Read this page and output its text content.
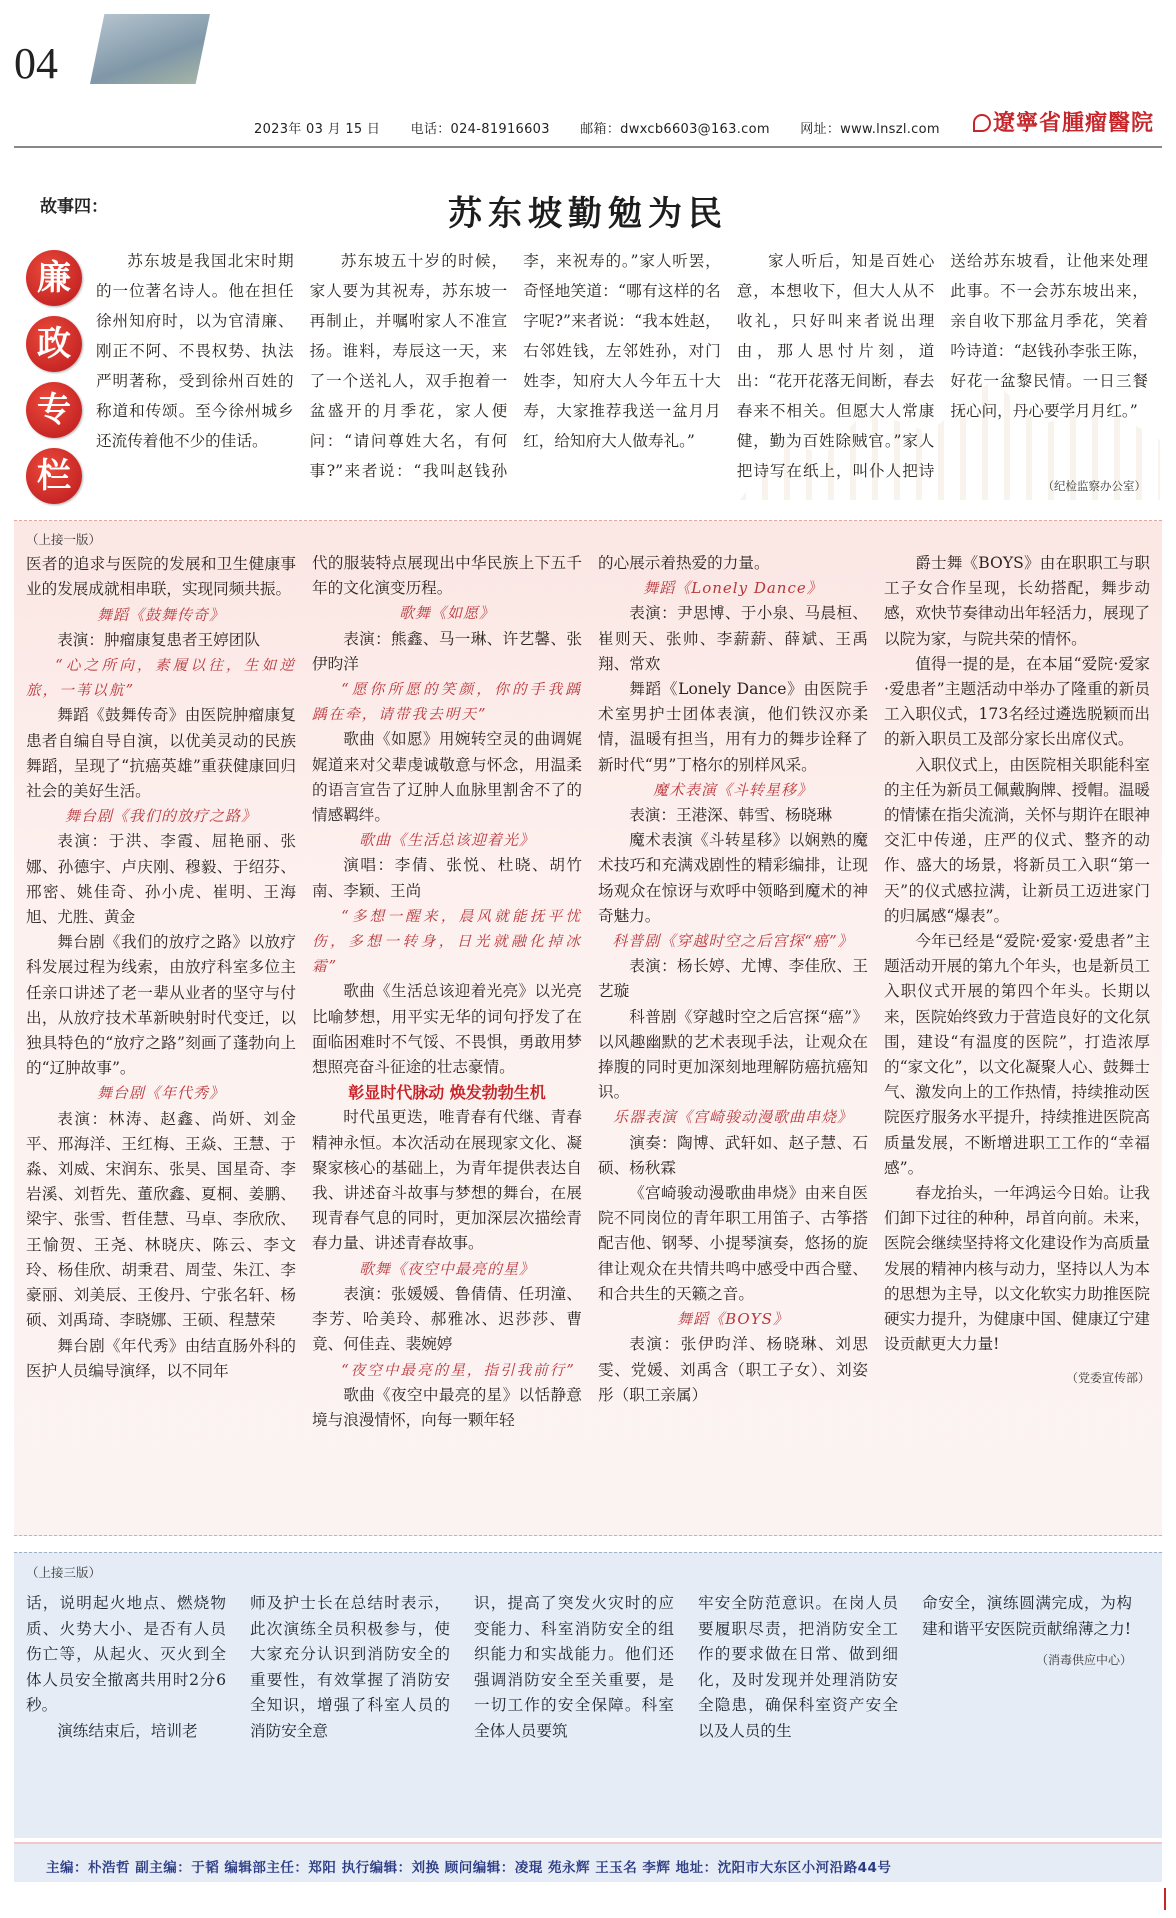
04
2023年 03 月 15 日 电话：024-81916603 邮箱：dwxcb6603@163.com 网址：www.lnszl.com	遼寧省腫瘤醫院
故事四：	苏东坡勤勉为民
廉
政
专
栏

苏东坡是我国北宋时期的一位著名诗人。他在担任徐州知府时，以为官清廉、刚正不阿、不畏权势、执法严明著称，受到徐州百姓的称道和传颂。至今徐州城乡还流传着他不少的佳话。

苏东坡五十岁的时候，家人要为其祝寿，苏东坡一再制止，并嘱咐家人不准宣扬。谁料，寿辰这一天，来了一个送礼人，双手抱着一盆盛开的月季花，家人便问：“请问尊姓大名，有何事?”来者说：“我叫赵钱孙李，来祝寿的。”家人听罢，奇怪地笑道：“哪有这样的名字呢?”来者说：“我本姓赵，右邻姓钱，左邻姓孙，对门姓李，知府大人今年五十大寿，大家推荐我送一盆月月红，给知府大人做寿礼。”

家人听后，知是百姓心意，本想收下，但大人从不收礼，只好叫来者说出理由，那人思忖片刻，道出：“花开花落无间断，春去春来不相关。但愿大人常康健，勤为百姓除贼官。”家人把诗写在纸上，叫仆人把诗送给苏东坡看，让他来处理此事。不一会苏东坡出来，亲自收下那盆月季花，笑着吟诗道：“赵钱孙李张王陈，好花一盆黎民情。一日三餐抚心问，丹心要学月月红。”

（纪检监察办公室）

（上接一版）

医者的追求与医院的发展和卫生健康事业的发展成就相串联，实现同频共振。

舞蹈《鼓舞传奇》

表演：肿瘤康复患者王婷团队

“心之所向，素履以往，生如逆旅，一苇以航”

舞蹈《鼓舞传奇》由医院肿瘤康复患者自编自导自演，以优美灵动的民族舞蹈，呈现了“抗癌英雄”重获健康回归社会的美好生活。

舞台剧《我们的放疗之路》

表演：于洪、李霞、屈艳丽、张娜、孙德宇、卢庆刚、穆毅、于绍芬、邢密、姚佳奇、孙小虎、崔明、王海旭、尤胜、黄金

舞台剧《我们的放疗之路》以放疗科发展过程为线索，由放疗科室多位主任亲口讲述了老一辈从业者的坚守与付出，从放疗技术革新映射时代变迁，以独具特色的“放疗之路”刻画了蓬勃向上的“辽肿故事”。

舞台剧《年代秀》

表演：林涛、赵鑫、尚妍、刘金平、邢海洋、王红梅、王焱、王慧、于淼、刘威、宋润东、张昊、国星奇、李岩溪、刘哲先、董欣鑫、夏桐、姜鹏、梁宇、张雪、哲佳慧、马卓、李欣欣、王愉贺、王尧、林晓庆、陈云、李文玲、杨佳欣、胡秉君、周莹、朱江、李豪丽、刘美辰、王俊丹、宁张名轩、杨硕、刘禹琦、李晓娜、王硕、程慧荣

舞台剧《年代秀》由结直肠外科的医护人员编导演绎，以不同年

代的服装特点展现出中华民族上下五千年的文化演变历程。

歌舞《如愿》

表演：熊鑫、马一琳、许艺馨、张伊昀洋

“愿你所愿的笑颜，你的手我踽踽在牵，请带我去明天”

歌曲《如愿》用婉转空灵的曲调娓娓道来对父辈虔诚敬意与怀念，用温柔的语言宣告了辽肿人血脉里割舍不了的情感羁绊。

歌曲《生活总该迎着光》

演唱：李倩、张悦、杜晓、胡竹南、李颖、王尚

“多想一醒来，晨风就能抚平忧伤，多想一转身，日光就融化掉冰霜”

歌曲《生活总该迎着光亮》以光亮比喻梦想，用平实无华的词句抒发了在面临困难时不气馁、不畏惧，勇敢用梦想照亮奋斗征途的壮志豪情。

彰显时代脉动 焕发勃勃生机

时代虽更迭，唯青春有代继、青春精神永恒。本次活动在展现家文化、凝聚家核心的基础上，为青年提供表达自我、讲述奋斗故事与梦想的舞台，在展现青春气息的同时，更加深层次描绘青春力量、讲述青春故事。

歌舞《夜空中最亮的星》

表演：张媛媛、鲁倩倩、任玥潼、李芳、哈美玲、郝雅冰、迟莎莎、曹竟、何佳垚、裴婉婷

“夜空中最亮的星，指引我前行”

歌曲《夜空中最亮的星》以恬静意境与浪漫情怀，向每一颗年轻

的心展示着热爱的力量。

舞蹈《Lonely Dance》

表演：尹思博、于小泉、马晨桓、崔则天、张帅、李薪薪、薛斌、王禹翔、常欢

舞蹈《Lonely Dance》由医院手术室男护士团体表演，他们铁汉亦柔情，温暖有担当，用有力的舞步诠释了新时代“男”丁格尔的别样风采。

魔术表演《斗转星移》

表演：王港深、韩雪、杨晓琳

魔术表演《斗转星移》以娴熟的魔术技巧和充满戏剧性的精彩编排，让现场观众在惊讶与欢呼中领略到魔术的神奇魅力。

科普剧《穿越时空之后宫探“癌”》

表演：杨长婷、尤博、李佳欣、王艺璇

科普剧《穿越时空之后宫探“癌”》以风趣幽默的艺术表现手法，让观众在捧腹的同时更加深刻地理解防癌抗癌知识。

乐器表演《宫崎骏动漫歌曲串烧》

演奏：陶博、武轩如、赵子慧、石硕、杨秋霖

《宫崎骏动漫歌曲串烧》由来自医院不同岗位的青年职工用笛子、古筝搭配吉他、钢琴、小提琴演奏，悠扬的旋律让观众在共情共鸣中感受中西合璧、和合共生的天籁之音。

舞蹈《BOYS》

表演：张伊昀洋、杨晓琳、刘思雯、党媛、刘禹含（职工子女）、刘姿彤（职工亲属）

爵士舞《BOYS》由在职职工与职工子女合作呈现，长幼搭配，舞步动感，欢快节奏律动出年轻活力，展现了以院为家，与院共荣的情怀。

值得一提的是，在本届“爱院·爱家·爱患者”主题活动中举办了隆重的新员工入职仪式，173名经过遴选脱颖而出的新入职员工及部分家长出席仪式。

入职仪式上，由医院相关职能科室的主任为新员工佩戴胸牌、授帽。温暖的情愫在指尖流淌，关怀与期许在眼神交汇中传递，庄严的仪式、整齐的动作、盛大的场景，将新员工入职“第一天”的仪式感拉满，让新员工迈进家门的归属感“爆表”。

今年已经是“爱院·爱家·爱患者”主题活动开展的第九个年头，也是新员工入职仪式开展的第四个年头。长期以来，医院始终致力于营造良好的文化氛围，建设“有温度的医院”，打造浓厚的“家文化”，以文化凝聚人心、鼓舞士气、激发向上的工作热情，持续推动医院医疗服务水平提升，持续推进医院高质量发展，不断增进职工工作的“幸福感”。

春龙抬头，一年鸿运今日始。让我们卸下过往的种种，昂首向前。未来，医院会继续坚持将文化建设作为高质量发展的精神内核与动力，坚持以人为本的思想为主导，以文化软实力助推医院硬实力提升，为健康中国、健康辽宁建设贡献更大力量!

（党委宣传部）

（上接三版）

话，说明起火地点、燃烧物质、火势大小、是否有人员伤亡等，从起火、灭火到全体人员安全撤离共用时2分6秒。

演练结束后，培训老

师及护士长在总结时表示，此次演练全员积极参与，使大家充分认识到消防安全的重要性，有效掌握了消防安全知识，增强了科室人员的消防安全意

识，提高了突发火灾时的应变能力、科室消防安全的组织能力和实战能力。他们还强调消防安全至关重要，是一切工作的安全保障。科室全体人员要筑

牢安全防范意识。在岗人员要履职尽责，把消防安全工作的要求做在日常、做到细化，及时发现并处理消防安全隐患，确保科室资产安全以及人员的生

命安全，演练圆满完成，为构建和谐平安医院贡献绵薄之力!

（消毒供应中心）

主编：朴浩哲 副主编：于韬 编辑部主任：郑阳 执行编辑：刘换 顾问编辑：凌琨 苑永辉 王玉名 李辉 地址：沈阳市大东区小河沿路44号
